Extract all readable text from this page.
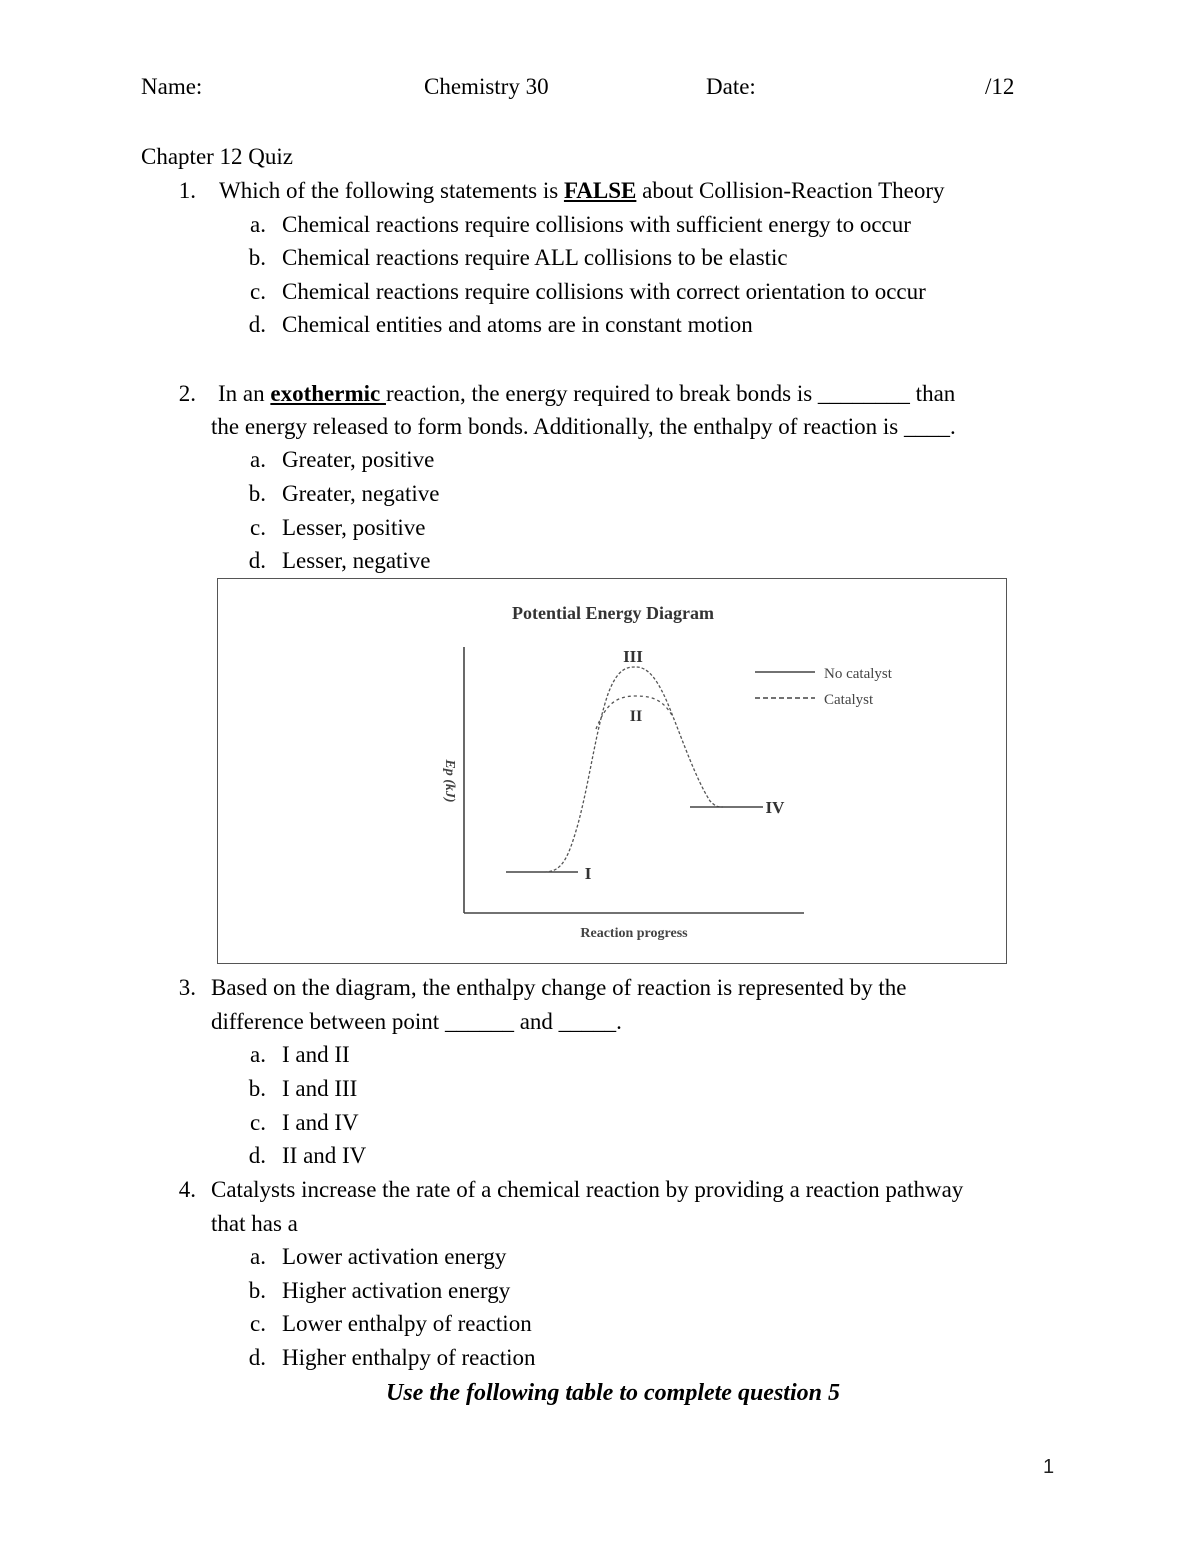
Name:	Chemistry 30	Date:	/12
Chapter 12 Quiz
1. Which of the following statements is FALSE about Collision-Reaction Theory
a. Chemical reactions require collisions with sufficient energy to occur
b. Chemical reactions require ALL collisions to be elastic
c. Chemical reactions require collisions with correct orientation to occur
d. Chemical entities and atoms are in constant motion
2. In an exothermic reaction, the energy required to break bonds is ________ than
the energy released to form bonds. Additionally, the enthalpy of reaction is ____.
a. Greater, positive
b. Greater, negative
c. Lesser, positive
d. Lesser, negative
Potential Energy Diagram
Ep (kJ)
Reaction progress
I
II
III
IV
No catalyst
Catalyst
3. Based on the diagram, the enthalpy change of reaction is represented by the
difference between point ______ and _____.
a. I and II
b. I and III
c. I and IV
d. II and IV
4. Catalysts increase the rate of a chemical reaction by providing a reaction pathway
that has a
a. Lower activation energy
b. Higher activation energy
c. Lower enthalpy of reaction
d. Higher enthalpy of reaction
Use the following table to complete question 5
1
